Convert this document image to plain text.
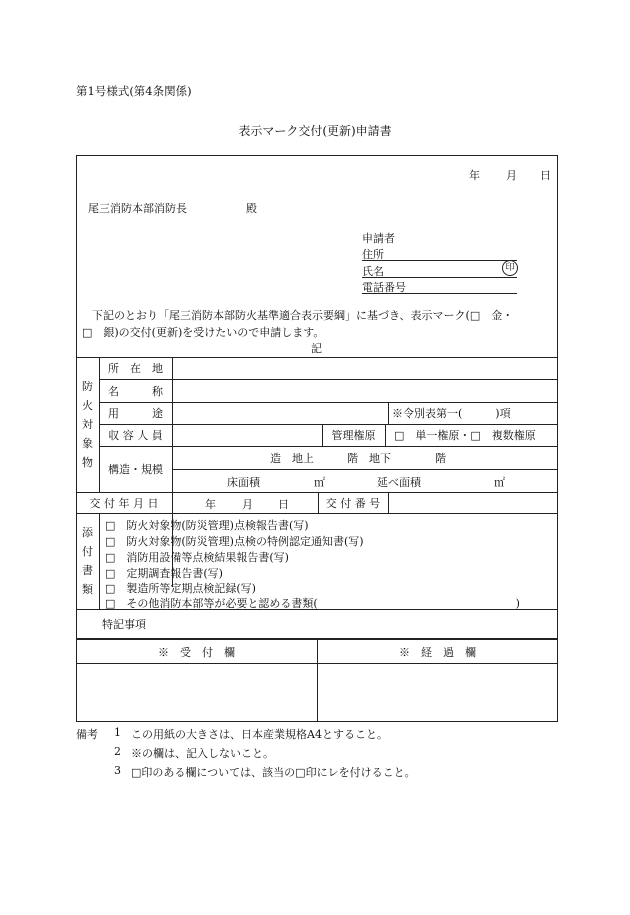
第1号様式(第4条関係)
表示マーク交付(更新)申請書
年 月 日
尾三消防本部消防長	殿
申請者
住所
氏名	印
電話番号
下記のとおり「尾三消防本部防火基準適合表示要綱」に基づき、表示マーク(□　金・
□　銀)の交付(更新)を受けたいので申請します。
記
防
火
対
象
物
所　在　地
名　　　称
用　　　途	※令別表第一(　　　)項
収 容 人 員	管理権原	□　単一権原・□　複数権原
構造・規模
造　地上　　　階　地下　　　　階
床面積	㎡	延べ面積	㎡
交 付 年 月 日	年 月 日	交 付 番 号
添
付
書
類
□　防火対象物(防災管理)点検報告書(写)
□　防火対象物(防災管理)点検の特例認定通知書(写)
□　消防用設備等点検結果報告書(写)
□　定期調査報告書(写)
□　製造所等定期点検記録(写)
□　その他消防本部等が必要と認める書類(　　　　　　　　　　　　　　　　　　)
特記事項
※　受　付　欄	※　経　過　欄
備考 1 この用紙の大きさは、日本産業規格A4とすること。
2 ※の欄は、記入しないこと。
3 □印のある欄については、該当の□印にレを付けること。
